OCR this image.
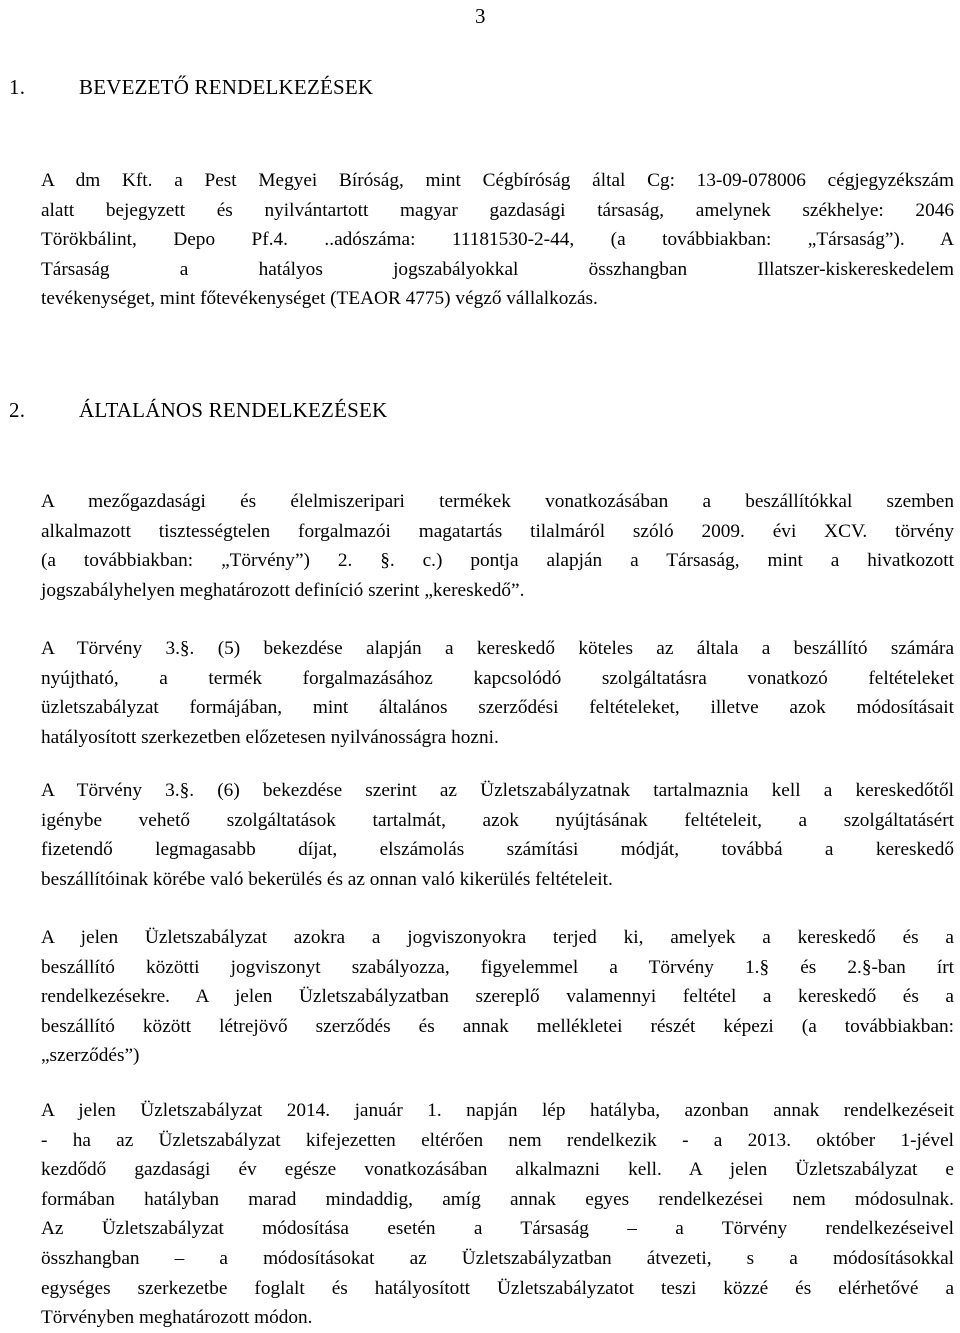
3
1.	BEVEZETŐ RENDELKEZÉSEK
A dm Kft. a Pest Megyei Bíróság, mint Cégbíróság által Cg: 13-09-078006 cégjegyzékszám
alatt bejegyzett és nyilvántartott magyar gazdasági társaság, amelynek székhelye: 2046
Törökbálint, Depo Pf.4. ..adószáma: 11181530-2-44, (a továbbiakban: „Társaság”). A
Társaság a hatályos jogszabályokkal összhangban Illatszer-kiskereskedelem
tevékenységet, mint főtevékenységet (TEAOR 4775) végző vállalkozás.
2.	ÁLTALÁNOS RENDELKEZÉSEK
A mezőgazdasági és élelmiszeripari termékek vonatkozásában a beszállítókkal szemben
alkalmazott tisztességtelen forgalmazói magatartás tilalmáról szóló 2009. évi XCV. törvény
(a továbbiakban: „Törvény”) 2. §. c.) pontja alapján a Társaság, mint a hivatkozott
jogszabályhelyen meghatározott definíció szerint „kereskedő”.
A Törvény 3.§. (5) bekezdése alapján a kereskedő köteles az általa a beszállító számára
nyújtható, a termék forgalmazásához kapcsolódó szolgáltatásra vonatkozó feltételeket
üzletszabályzat formájában, mint általános szerződési feltételeket, illetve azok módosításait
hatályosított szerkezetben előzetesen nyilvánosságra hozni.
A Törvény 3.§. (6) bekezdése szerint az Üzletszabályzatnak tartalmaznia kell a kereskedőtől
igénybe vehető szolgáltatások tartalmát, azok nyújtásának feltételeit, a szolgáltatásért
fizetendő legmagasabb díjat, elszámolás számítási módját, továbbá a kereskedő
beszállítóinak körébe való bekerülés és az onnan való kikerülés feltételeit.
A jelen Üzletszabályzat azokra a jogviszonyokra terjed ki, amelyek a kereskedő és a
beszállító közötti jogviszonyt szabályozza, figyelemmel a Törvény 1.§ és 2.§-ban írt
rendelkezésekre. A jelen Üzletszabályzatban szereplő valamennyi feltétel a kereskedő és a
beszállító között létrejövő szerződés és annak mellékletei részét képezi (a továbbiakban:
„szerződés”)
A jelen Üzletszabályzat 2014. január 1. napján lép hatályba, azonban annak rendelkezéseit
- ha az Üzletszabályzat kifejezetten eltérően nem rendelkezik - a 2013. október 1-jével
kezdődő gazdasági év egésze vonatkozásában alkalmazni kell. A jelen Üzletszabályzat e
formában hatályban marad mindaddig, amíg annak egyes rendelkezései nem módosulnak.
Az Üzletszabályzat módosítása esetén a Társaság – a Törvény rendelkezéseivel
összhangban – a módosításokat az Üzletszabályzatban átvezeti, s a módosításokkal
egységes szerkezetbe foglalt és hatályosított Üzletszabályzatot teszi közzé és elérhetővé a
Törvényben meghatározott módon.
